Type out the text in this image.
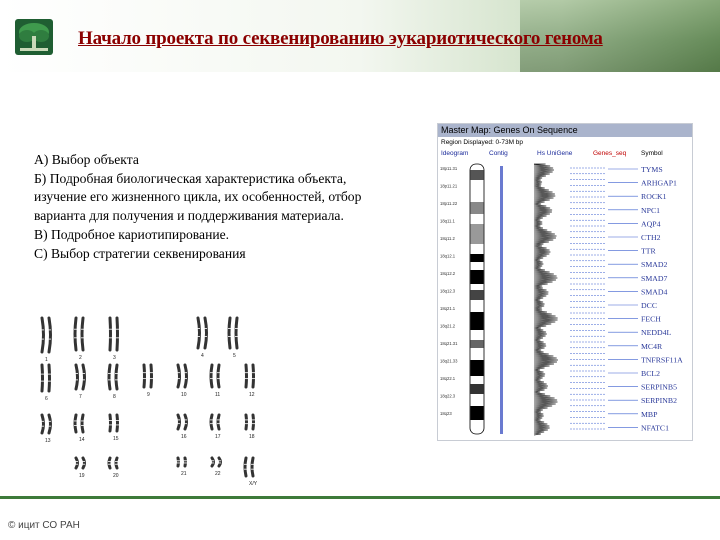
Начало проекта по секвенированию эукариотического генома
А) Выбор объекта
Б) Подробная биологическая характеристика объекта,
изучение его жизненного цикла, их особенностей, отбор
варианта для получения и поддерживания материала.
В) Подробное кариотипирование.
С) Выбор стратегии секвенирования
1	2	3	4	5
6	7	8	9	10	11	12
13	14	15	16	17	18
19	20	21	22
X/Y
Master Map: Genes On Sequence
Region Displayed: 0-73M bp
Ideogram	Contig	Hs UniGene	Genes_seq Symbol
18p11.31
18p11.21
18p11.22
18q11.1
18q11.2
18q12.1
18q12.2
18q12.3
18q21.1
18q21.2
18q21.31
18q21.33
18q22.1
18q22.3
18q23
TYMS
ARHGAP1
ROCK1
NPC1
AQP4
CTH2
TTR
SMAD2
SMAD7
SMAD4
DCC
FECH
NEDD4L
MC4R
TNFRSF11A
BCL2
SERPINB5
SERPINB2
MBP
NFATC1
© ицит СО РАН
